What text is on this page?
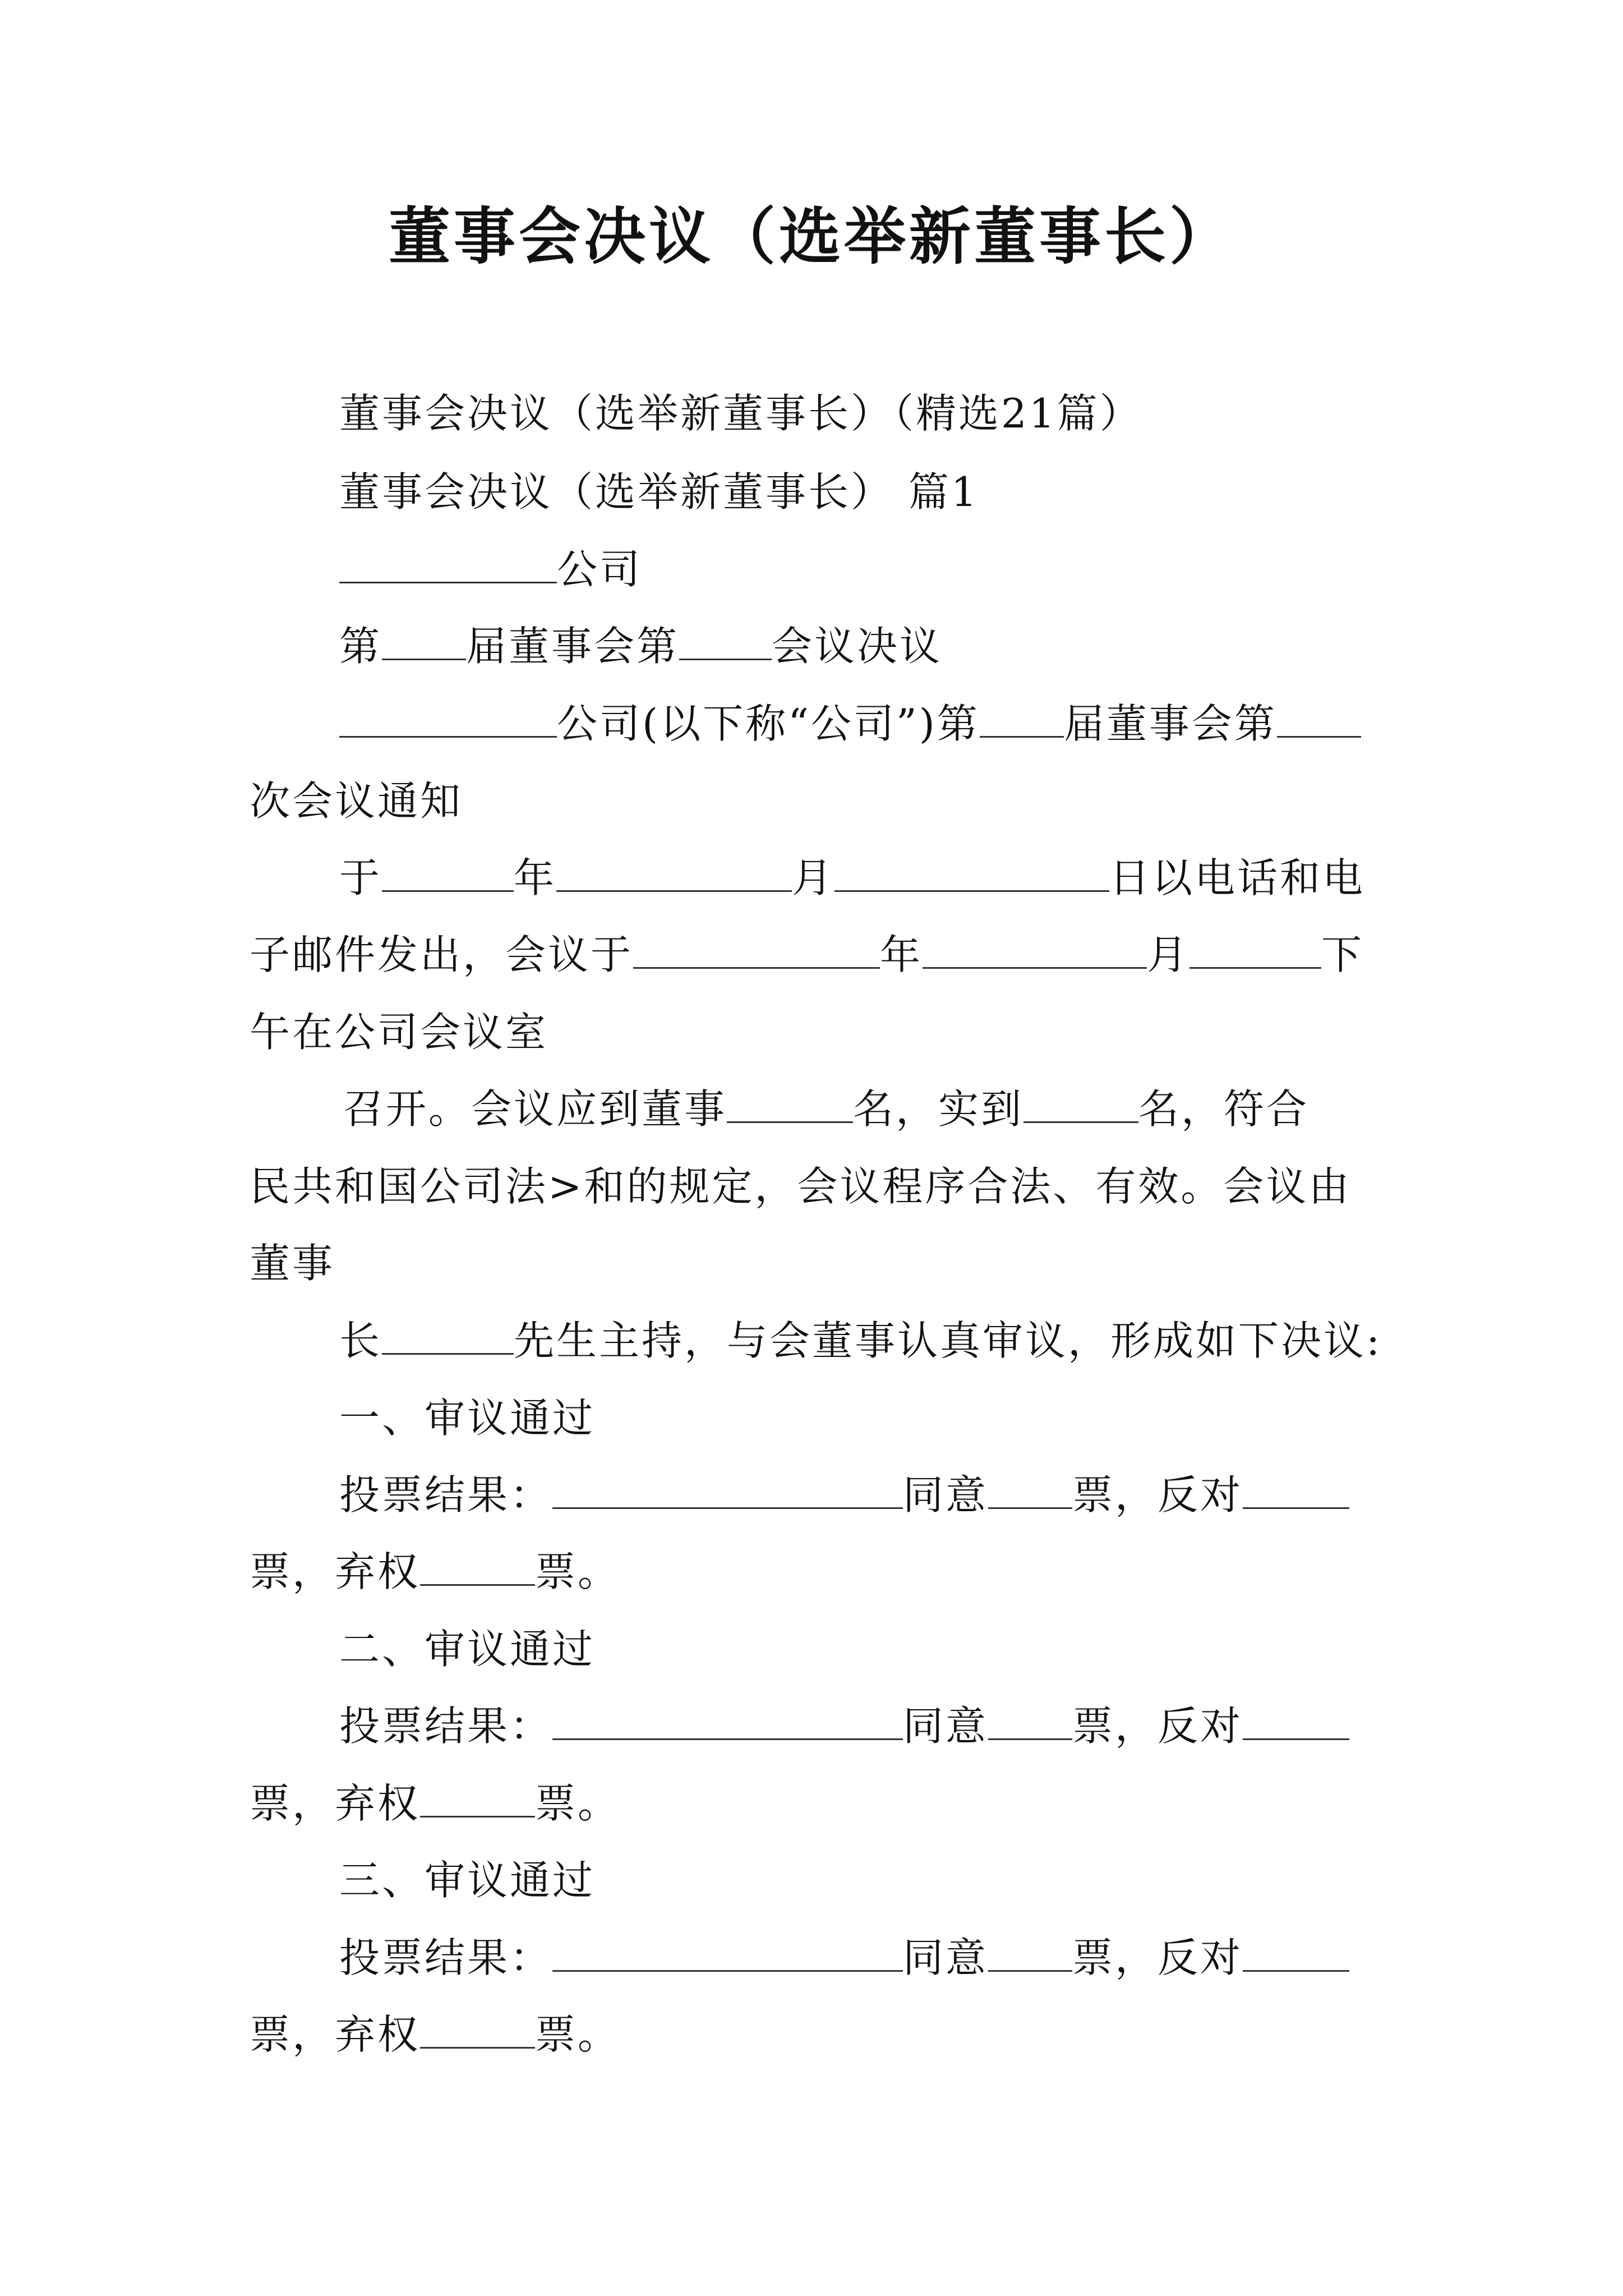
董事会决议（选举新董事长）
董事会决议（选举新董事长）（精选21篇）
董事会决议（选举新董事长） 篇1
公司
第 届董事会第 会议决议
公司(以下称“公司”)第 届董事会第
次会议通知
于	年	月	日以电话和电
子邮件发出，会议于	年	月	下
午在公司会议室
召开。会议应到董事	名，实到	名，符合
民共和国公司法>和的规定，会议程序合法、有效。会议由
董事
长	先生主持，与会董事认真审议，形成如下决议:
一、审议通过
投票结果：	同意 票，反对
票，弃权	票。
二、审议通过
投票结果：	同意 票，反对
票，弃权	票。
三、审议通过
投票结果：	同意 票，反对
票，弃权	票。
